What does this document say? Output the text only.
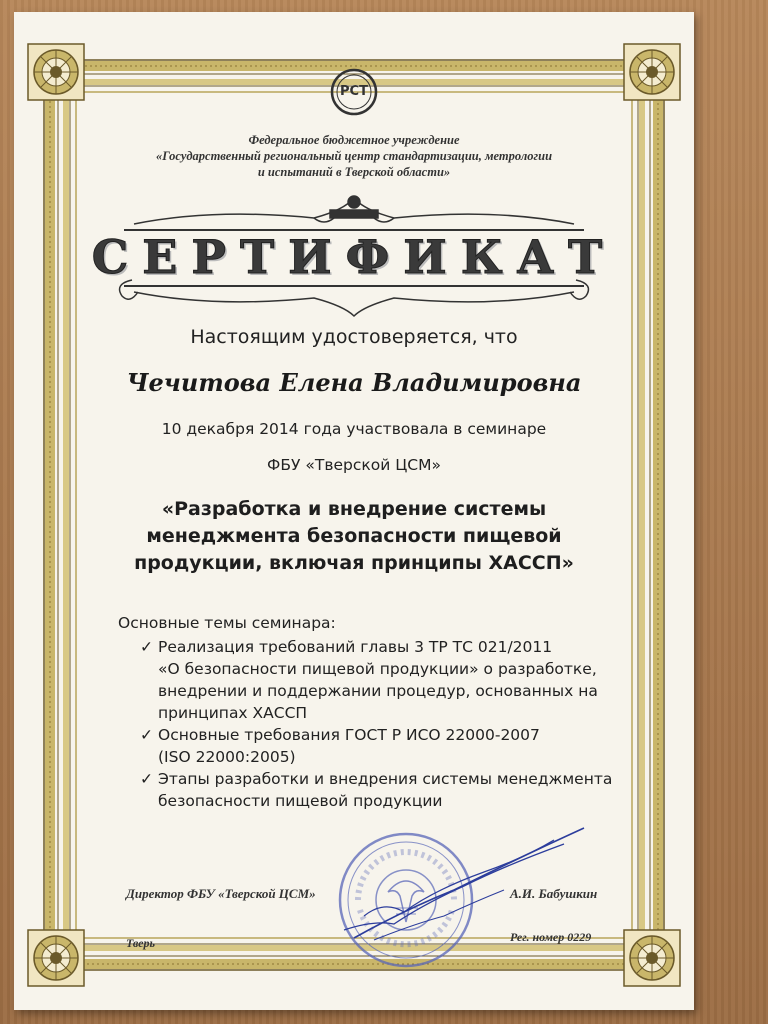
РСТ
Федеральное бюджетное учреждение
«Государственный региональный центр стандартизации, метрологии
и испытаний в Тверской области»
СЕРТИФИКАТ
Настоящим удостоверяется, что
Чечитова Елена Владимировна
10 декабря 2014 года участвовала в семинаре
ФБУ «Тверской ЦСМ»
«Разработка и внедрение системы
менеджмента безопасности пищевой
продукции, включая принципы ХАССП»
Основные темы семинара:
✓ Реализация требований главы 3 ТР ТС 021/2011
«О безопасности пищевой продукции» о разработке,
внедрении и поддержании процедур, основанных на
принципах ХАССП
✓ Основные требования ГОСТ Р ИСО 22000-2007
(ISO 22000:2005)
✓ Этапы разработки и внедрения системы менеджмента
безопасности пищевой продукции
Директор ФБУ «Тверской ЦСМ»	А.И. Бабушкин
Тверь	Рег. номер 0229
